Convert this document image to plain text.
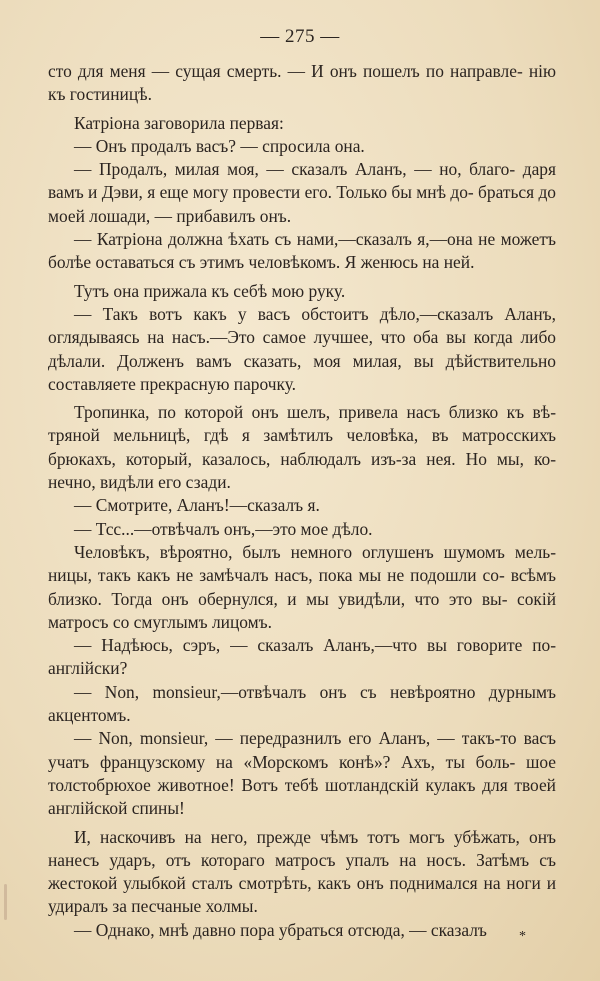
— 275 —

сто для меня — сущая смерть. — И онъ пошелъ по направле- нію къ гостиницѣ.

Катріона заговорила первая:

— Онъ продалъ васъ? — спросила она.

— Продалъ, милая моя, — сказалъ Аланъ, — но, благо- даря вамъ и Дэви, я еще могу провести его. Только бы мнѣ до- браться до моей лошади, — прибавилъ онъ.

— Катріона должна ѣхать съ нами,—сказалъ я,—она не можетъ болѣе оставаться съ этимъ человѣкомъ. Я женюсь на ней.

Тутъ она прижала къ себѣ мою руку.

— Такъ вотъ какъ у васъ обстоитъ дѣло,—сказалъ Аланъ, оглядываясь на насъ.—Это самое лучшее, что оба вы когда либо дѣлали. Долженъ вамъ сказать, моя милая, вы дѣйствительно составляете прекрасную парочку.

Тропинка, по которой онъ шелъ, привела насъ близко къ вѣ- тряной мельницѣ, гдѣ я замѣтилъ человѣка, въ матросскихъ брюкахъ, который, казалось, наблюдалъ изъ-за нея. Но мы, ко- нечно, видѣли его сзади.

— Смотрите, Аланъ!—сказалъ я.

— Тсс...—отвѣчалъ онъ,—это мое дѣло.

Человѣкъ, вѣроятно, былъ немного оглушенъ шумомъ мель- ницы, такъ какъ не замѣчалъ насъ, пока мы не подошли со- всѣмъ близко. Тогда онъ обернулся, и мы увидѣли, что это вы- сокій матросъ со смуглымъ лицомъ.

— Надѣюсь, сэръ, — сказалъ Аланъ,—что вы говорите по- англійски?

— Non, monsieur,—отвѣчалъ онъ съ невѣроятно дурнымъ акцентомъ.

— Non, monsieur, — передразнилъ его Аланъ, — такъ-то васъ учатъ французскому на «Морскомъ конѣ»? Ахъ, ты боль- шое толстобрюхое животное! Вотъ тебѣ шотландскій кулакъ для твоей англійской спины!

И, наскочивъ на него, прежде чѣмъ тотъ могъ убѣжать, онъ нанесъ ударъ, отъ котораго матросъ упалъ на носъ. Затѣмъ съ жестокой улыбкой сталъ смотрѣть, какъ онъ поднимался на ноги и удиралъ за песчаные холмы.

— Однако, мнѣ давно пора убраться отсюда, — сказалъ	*
